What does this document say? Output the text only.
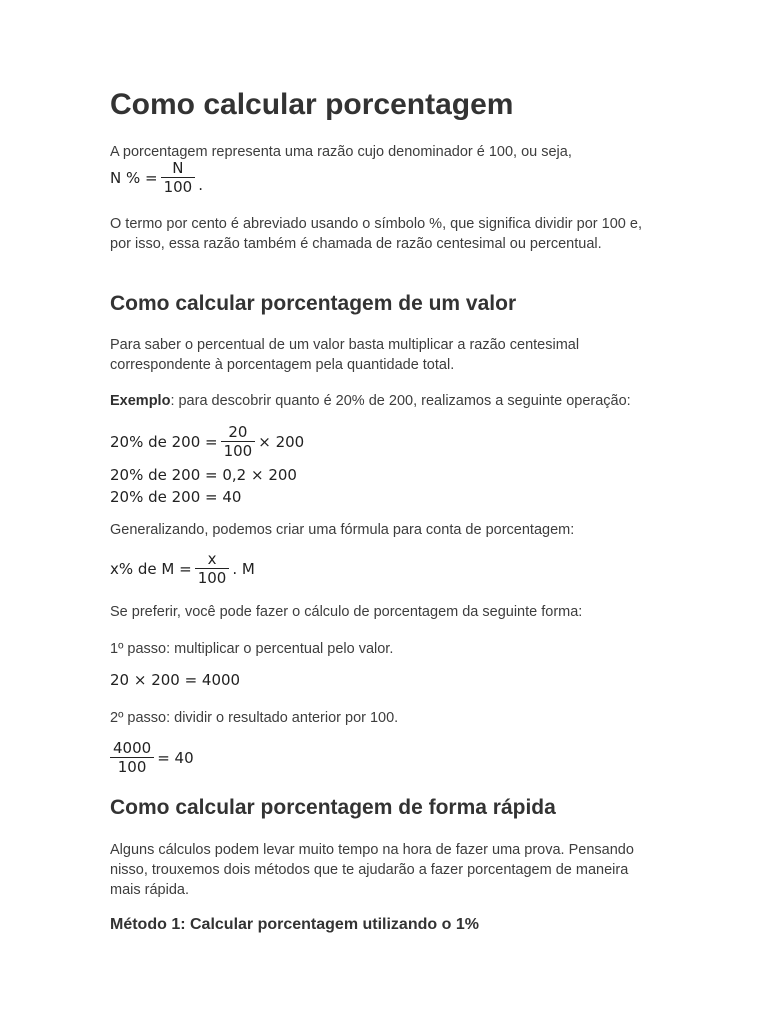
Como calcular porcentagem
A porcentagem representa uma razão cujo denominador é 100, ou seja,
N % = $\frac{N}{100}$ .
O termo por cento é abreviado usando o símbolo %, que significa dividir por 100 e, por isso, essa razão também é chamada de razão centesimal ou percentual.
Como calcular porcentagem de um valor
Para saber o percentual de um valor basta multiplicar a razão centesimal correspondente à porcentagem pela quantidade total.
Exemplo: para descobrir quanto é 20% de 200, realizamos a seguinte operação:
20% de $200 = \frac{20}{100} \times 200$
20% de 200 = 0,2 × 200
20% de 200 = 40
Generalizando, podemos criar uma fórmula para conta de porcentagem:
x% de $M = \frac{x}{100}$ . M
Se preferir, você pode fazer o cálculo de porcentagem da seguinte forma:
1º passo: multiplicar o percentual pelo valor.
20 × 200 = 4000
2º passo: dividir o resultado anterior por 100.
$\frac{4000}{100} = 40$
Como calcular porcentagem de forma rápida
Alguns cálculos podem levar muito tempo na hora de fazer uma prova. Pensando nisso, trouxemos dois métodos que te ajudarão a fazer porcentagem de maneira mais rápida.
Método 1: Calcular porcentagem utilizando o 1%
